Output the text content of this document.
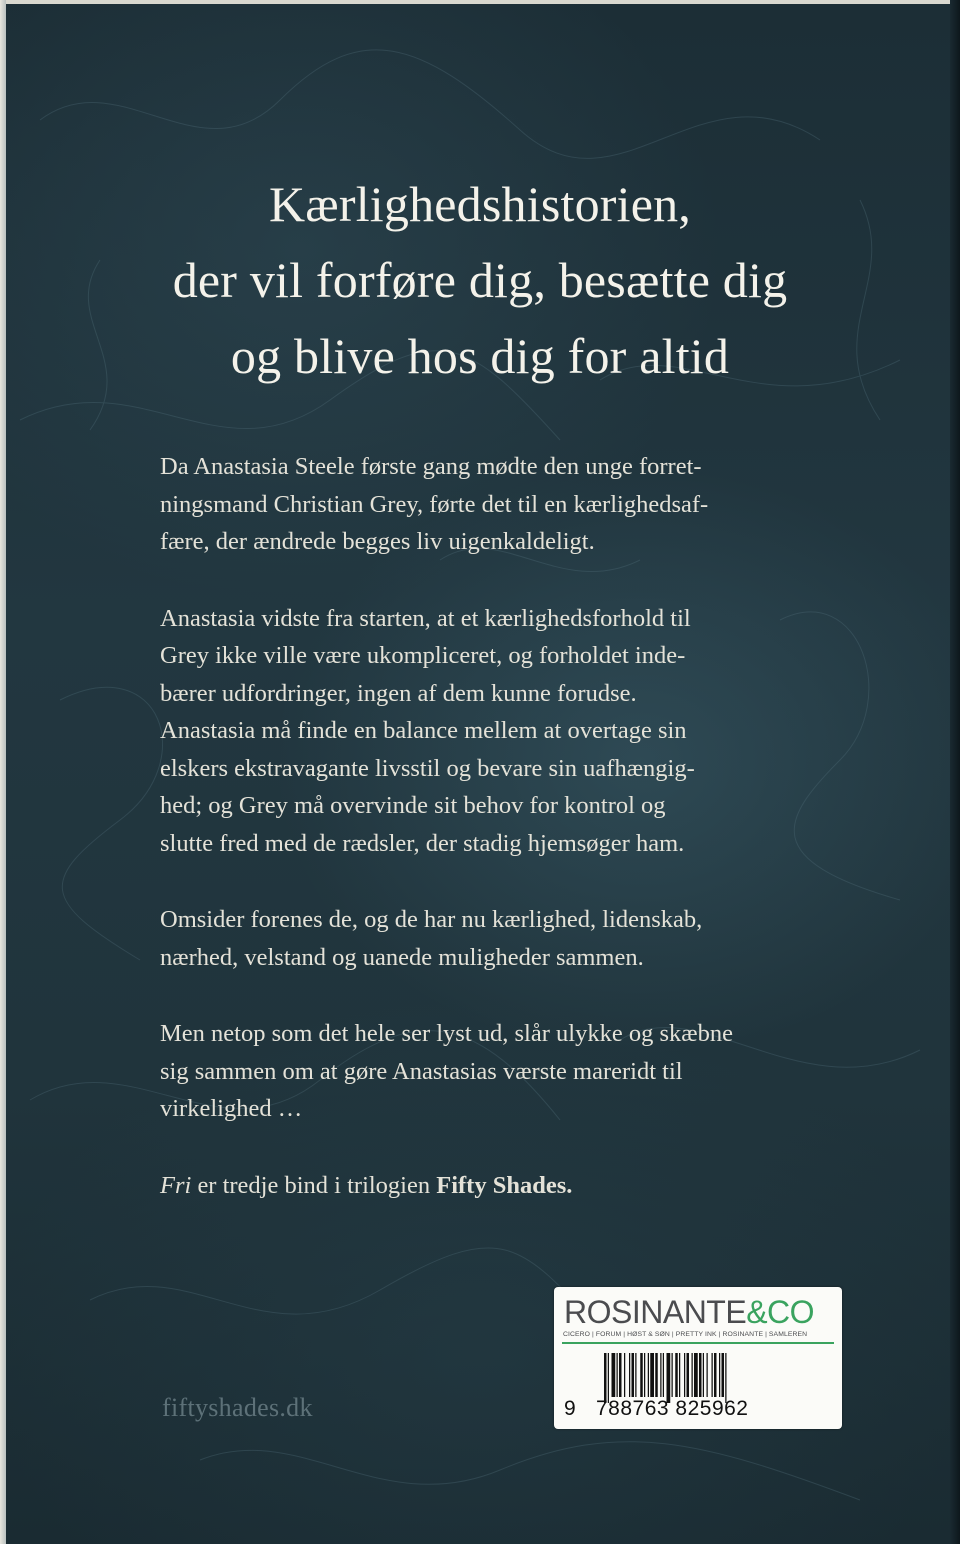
Kærlighedshistorien,
der vil forføre dig, besætte dig
og blive hos dig for altid
Da Anastasia Steele første gang mødte den unge forret-
ningsmand Christian Grey, førte det til en kærlighedsaf-
fære, der ændrede begges liv uigenkaldeligt.
Anastasia vidste fra starten, at et kærlighedsforhold til
Grey ikke ville være ukompliceret, og forholdet inde-
bærer udfordringer, ingen af dem kunne forudse.
Anastasia må finde en balance mellem at overtage sin
elskers ekstravagante livsstil og bevare sin uafhængig-
hed; og Grey må overvinde sit behov for kontrol og
slutte fred med de rædsler, der stadig hjemsøger ham.
Omsider forenes de, og de har nu kærlighed, lidenskab,
nærhed, velstand og uanede muligheder sammen.
Men netop som det hele ser lyst ud, slår ulykke og skæbne
sig sammen om at gøre Anastasias værste mareridt til
virkelighed …
Fri er tredje bind i trilogien Fifty Shades.
fiftyshades.dk
ROSINANTE&CO
CICERO | FORUM | HØST & SØN | PRETTY INK | ROSINANTE | SAMLEREN
9 788763 825962
